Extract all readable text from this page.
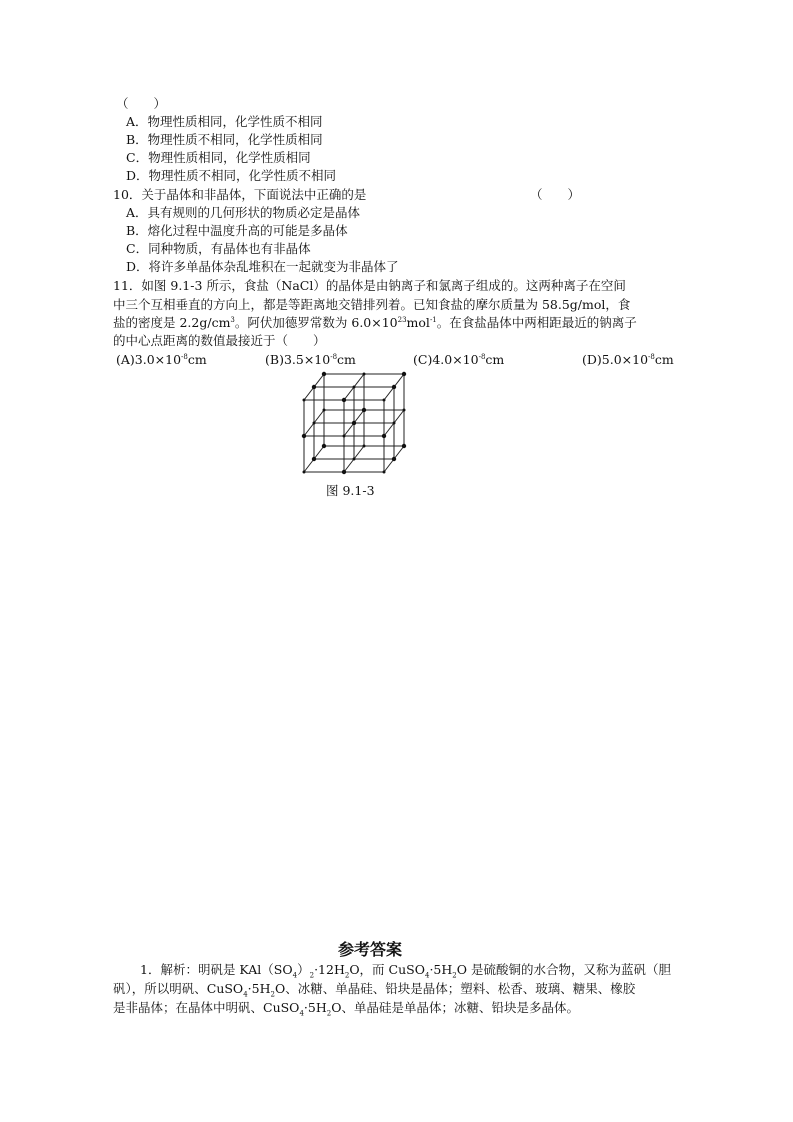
（　　）
A．物理性质相同，化学性质不相同
B．物理性质不相同，化学性质相同
C．物理性质相同，化学性质相同
D．物理性质不相同，化学性质不相同
10．关于晶体和非晶体，下面说法中正确的是	（　　）
A．具有规则的几何形状的物质必定是晶体
B．熔化过程中温度升高的可能是多晶体
C．同种物质，有晶体也有非晶体
D．将许多单晶体杂乱堆积在一起就变为非晶体了
11．如图 9.1-3 所示，食盐（NaCl）的晶体是由钠离子和氯离子组成的。这两种离子在空间
中三个互相垂直的方向上，都是等距离地交错排列着。已知食盐的摩尔质量为 58.5g/mol，食
盐的密度是 $2.2g/cm^3$。阿伏加德罗常数为 $6.0\times 10^{23}mol^{-1}$。在食盐晶体中两相距最近的钠离子
的中心点距离的数值最接近于（　　）
$(A)3.0\times 10^{-8}cm$	$(B)3.5\times 10^{-8}cm$	$(C)4.0\times 10^{-8}cm$	$(D)5.0\times 10^{-8}cm$
图 9.1-3
参考答案
1．解析：明矾是 $KAl(SO_4)_2\cdot 12H_2O$，而 $CuSO_4\cdot 5H_2O$ 是硫酸铜的水合物，又称为蓝矾（胆
矾），所以明矾、$CuSO_4\cdot 5H_2O$、冰糖、单晶硅、铅块是晶体；塑料、松香、玻璃、糖果、橡胶
是非晶体；在晶体中明矾、$CuSO_4\cdot 5H_2O$、单晶硅是单晶体；冰糖、铅块是多晶体。
